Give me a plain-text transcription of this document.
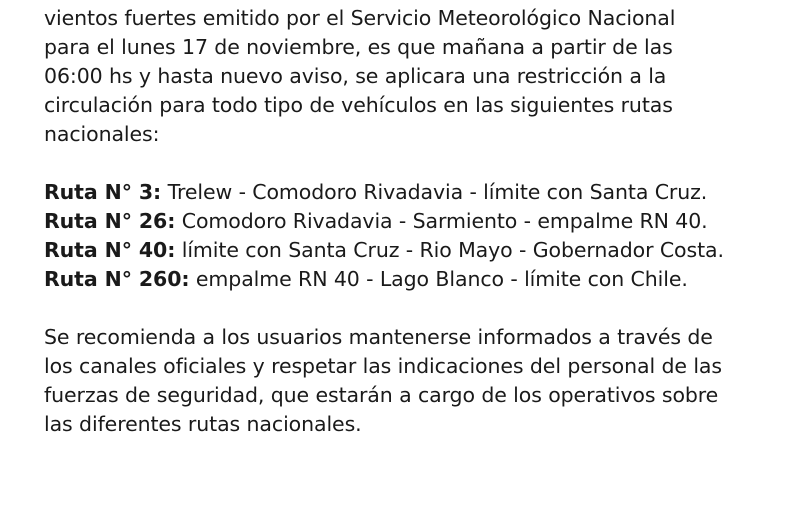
vientos fuertes emitido por el Servicio Meteorológico Nacional
para el lunes 17 de noviembre, es que mañana a partir de las
06:00 hs y hasta nuevo aviso, se aplicara una restricción a la
circulación para todo tipo de vehículos en las siguientes rutas
nacionales:
Ruta N° 3: Trelew - Comodoro Rivadavia - límite con Santa Cruz.
Ruta N° 26: Comodoro Rivadavia - Sarmiento - empalme RN 40.
Ruta N° 40: límite con Santa Cruz - Rio Mayo - Gobernador Costa.
Ruta N° 260: empalme RN 40 - Lago Blanco - límite con Chile.
Se recomienda a los usuarios mantenerse informados a través de
los canales oficiales y respetar las indicaciones del personal de las
fuerzas de seguridad, que estarán a cargo de los operativos sobre
las diferentes rutas nacionales.
